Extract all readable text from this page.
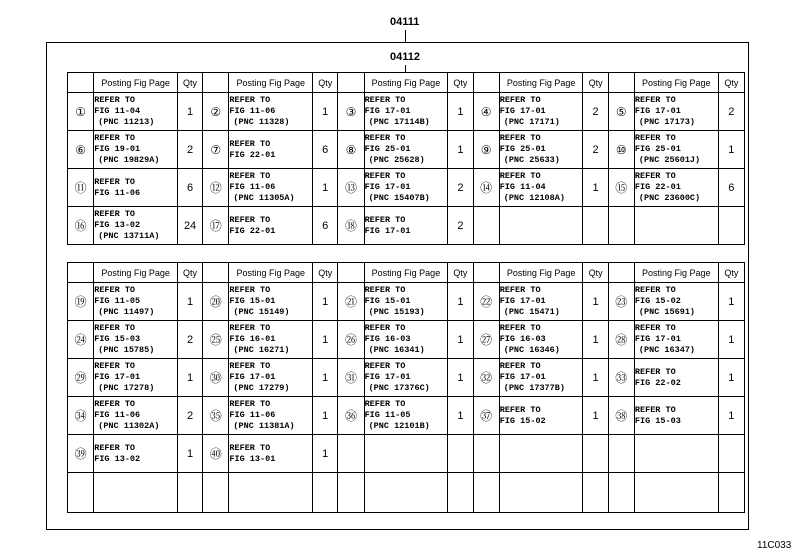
04111
04112
	Posting Fig Page	Qty		Posting Fig Page	Qty		Posting Fig Page	Qty		Posting Fig Page	Qty		Posting Fig Page	Qty
①	REFER TO
FIG 11-04
(PNC 11213)	1	②	REFER TO
FIG 11-06
(PNC 11328)	1	③	REFER TO
FIG 17-01
(PNC 17114B)	1	④	REFER TO
FIG 17-01
(PNC 17171)	2	⑤	REFER TO
FIG 17-01
(PNC 17173)	2
⑥	REFER TO
FIG 19-01
(PNC 19829A)	2	⑦	REFER TO
FIG 22-01	6	⑧	REFER TO
FIG 25-01
(PNC 25628)	1	⑨	REFER TO
FIG 25-01
(PNC 25633)	2	⑩	REFER TO
FIG 25-01
(PNC 25601J)	1
⑪	REFER TO
FIG 11-06	6	⑫	REFER TO
FIG 11-06
(PNC 11305A)	1	⑬	REFER TO
FIG 17-01
(PNC 15407B)	2	⑭	REFER TO
FIG 11-04
(PNC 12108A)	1	⑮	REFER TO
FIG 22-01
(PNC 23600C)	6
⑯	REFER TO
FIG 13-02
(PNC 13711A)	24	⑰	REFER TO
FIG 22-01	6	⑱	REFER TO
FIG 17-01	2						
	Posting Fig Page	Qty		Posting Fig Page	Qty		Posting Fig Page	Qty		Posting Fig Page	Qty		Posting Fig Page	Qty
⑲	REFER TO
FIG 11-05
(PNC 11497)	1	⑳	REFER TO
FIG 15-01
(PNC 15149)	1	㉑	REFER TO
FIG 15-01
(PNC 15193)	1	㉒	REFER TO
FIG 17-01
(PNC 15471)	1	㉓	REFER TO
FIG 15-02
(PNC 15691)	1
㉔	REFER TO
FIG 15-03
(PNC 15785)	2	㉕	REFER TO
FIG 16-01
(PNC 16271)	1	㉖	REFER TO
FIG 16-03
(PNC 16341)	1	㉗	REFER TO
FIG 16-03
(PNC 16346)	1	㉘	REFER TO
FIG 17-01
(PNC 16347)	1
㉙	REFER TO
FIG 17-01
(PNC 17278)	1	㉚	REFER TO
FIG 17-01
(PNC 17279)	1	㉛	REFER TO
FIG 17-01
(PNC 17376C)	1	㉜	REFER TO
FIG 17-01
(PNC 17377B)	1	㉝	REFER TO
FIG 22-02	1
㉞	REFER TO
FIG 11-06
(PNC 11302A)	2	㉟	REFER TO
FIG 11-06
(PNC 11381A)	1	㊱	REFER TO
FIG 11-05
(PNC 12101B)	1	㊲	REFER TO
FIG 15-02	1	㊳	REFER TO
FIG 15-03	1
㊴	REFER TO
FIG 13-02	1	㊵	REFER TO
FIG 13-01	1									

11C033
